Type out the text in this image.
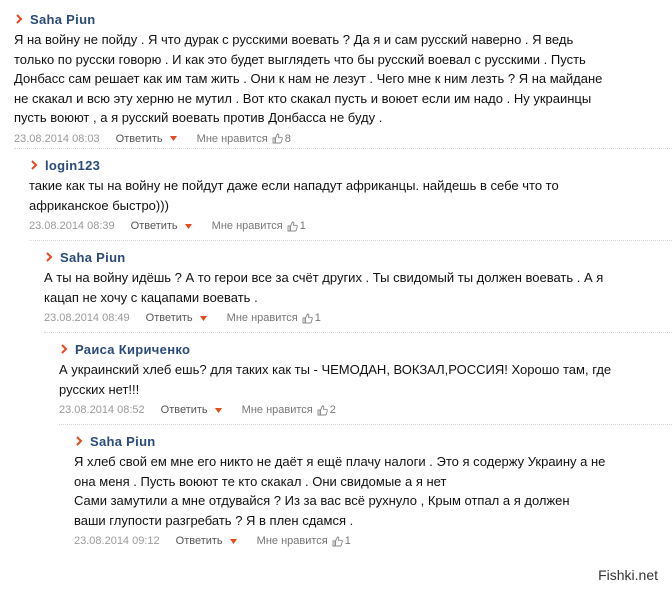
Saha Piun
Я на войну не пойду . Я что дурак с русскими воевать ? Да я и сам русский наверно . Я ведь
только по русски говорю . И как это будет выглядеть что бы русский воевал с русскими . Пусть
Донбасс сам решает как им там жить . Они к нам не лезут . Чего мне к ним лезть ? Я на майдане
не скакал и всю эту херню не мутил . Вот кто скакал пусть и воюет если им надо . Ну украинцы
пусть воюют , а я русский воевать против Донбасса не буду .
23.08.2014 08:03 Ответить	Мне нравится 8
login123
такие как ты на войну не пойдут даже если нападут африканцы. найдешь в себе что то
африканское быстро)))
23.08.2014 08:39 Ответить	Мне нравится 1
Saha Piun
А ты на войну идёшь ? А то герои все за счёт других . Ты свидомый ты должен воевать . А я
кацап не хочу с кацапами воевать .
23.08.2014 08:49 Ответить	Мне нравится 1
Раиса Кириченко
А украинский хлеб ешь? для таких как ты - ЧЕМОДАН, ВОКЗАЛ,РОССИЯ! Хорошо там, где
русских нет!!!
23.08.2014 08:52 Ответить	Мне нравится 2
Saha Piun
Я хлеб свой ем мне его никто не даёт я ещё плачу налоги . Это я содержу Украину а не
она меня . Пусть воюют те кто скакал . Они свидомые а я нет
Сами замутили а мне отдувайся ? Из за вас всё рухнуло , Крым отпал а я должен
ваши глупости разгребать ? Я в плен сдамся .
23.08.2014 09:12 Ответить	Мне нравится 1
Fishki.net
